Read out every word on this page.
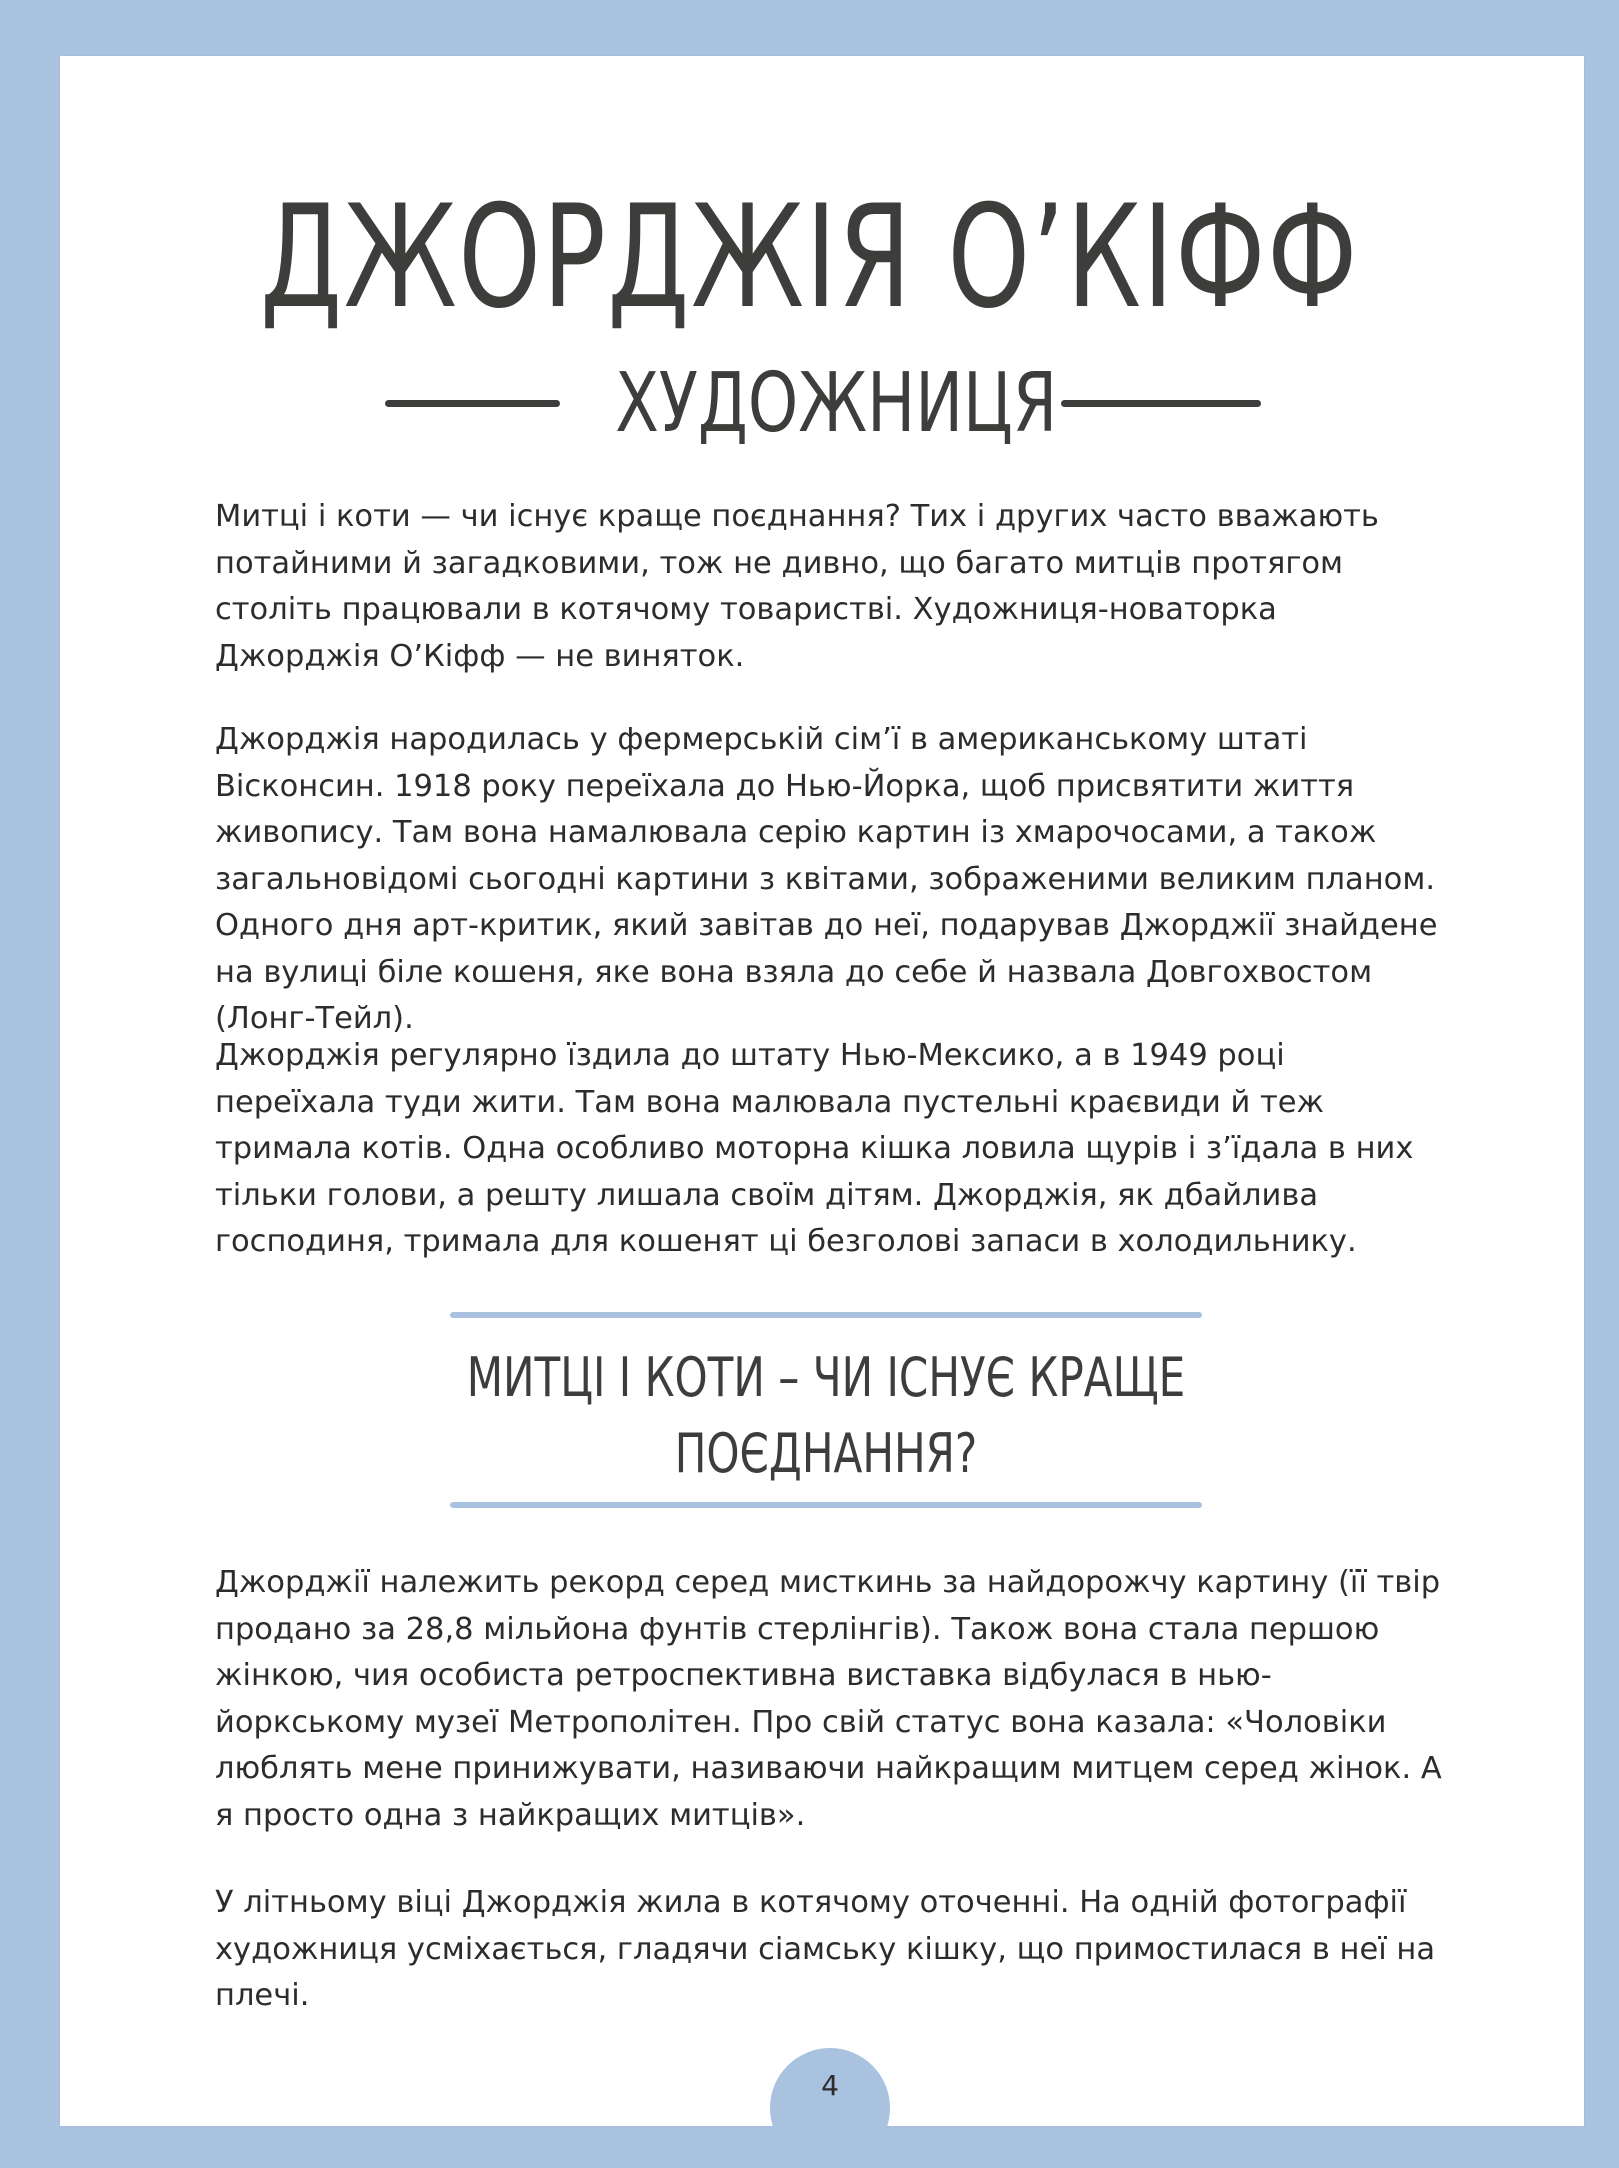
ДЖОРДЖІЯ О’КІФФ
ХУДОЖНИЦЯ

Митці і коти — чи існує краще поєднання? Тих і других часто вважають потайними й загадковими, тож не дивно, що багато митців протягом століть працювали в котячому товаристві. Художниця-новаторка Джорджія О’Кіфф — не виняток.

Джорджія народилась у фермерській сім’ї в американському штаті Вісконсин. 1918 року переїхала до Нью-Йорка, щоб присвятити життя живопису. Там вона намалювала серію картин із хмарочосами, а також загальновідомі сьогодні картини з квітами, зображеними великим планом. Одного дня арт-критик, який завітав до неї, подарував Джорджії знайдене на вулиці біле кошеня, яке вона взяла до себе й назвала Довгохвостом (Лонг-Тейл).

Джорджія регулярно їздила до штату Нью-Мексико, а в 1949 році переїхала туди жити. Там вона малювала пустельні краєвиди й теж тримала котів. Одна особливо моторна кішка ловила щурів і з’їдала в них тільки голови, а решту лишала своїм дітям. Джорджія, як дбайлива господиня, тримала для кошенят ці безголові запаси в холодильнику.

МИТЦІ І КОТИ – ЧИ ІСНУЄ КРАЩЕ ПОЄДНАННЯ?

Джорджії належить рекорд серед мисткинь за найдорожчу картину (її твір продано за 28,8 мільйона фунтів стерлінгів). Також вона стала першою жінкою, чия особиста ретроспективна виставка відбулася в нью-йоркському музеї Метрополітен. Про свій статус вона казала: «Чоловіки люблять мене принижувати, називаючи найкращим митцем серед жінок. А я просто одна з найкращих митців».

У літньому віці Джорджія жила в котячому оточенні. На одній фотографії художниця усміхається, гладячи сіамську кішку, що примостилася в неї на плечі.

4
